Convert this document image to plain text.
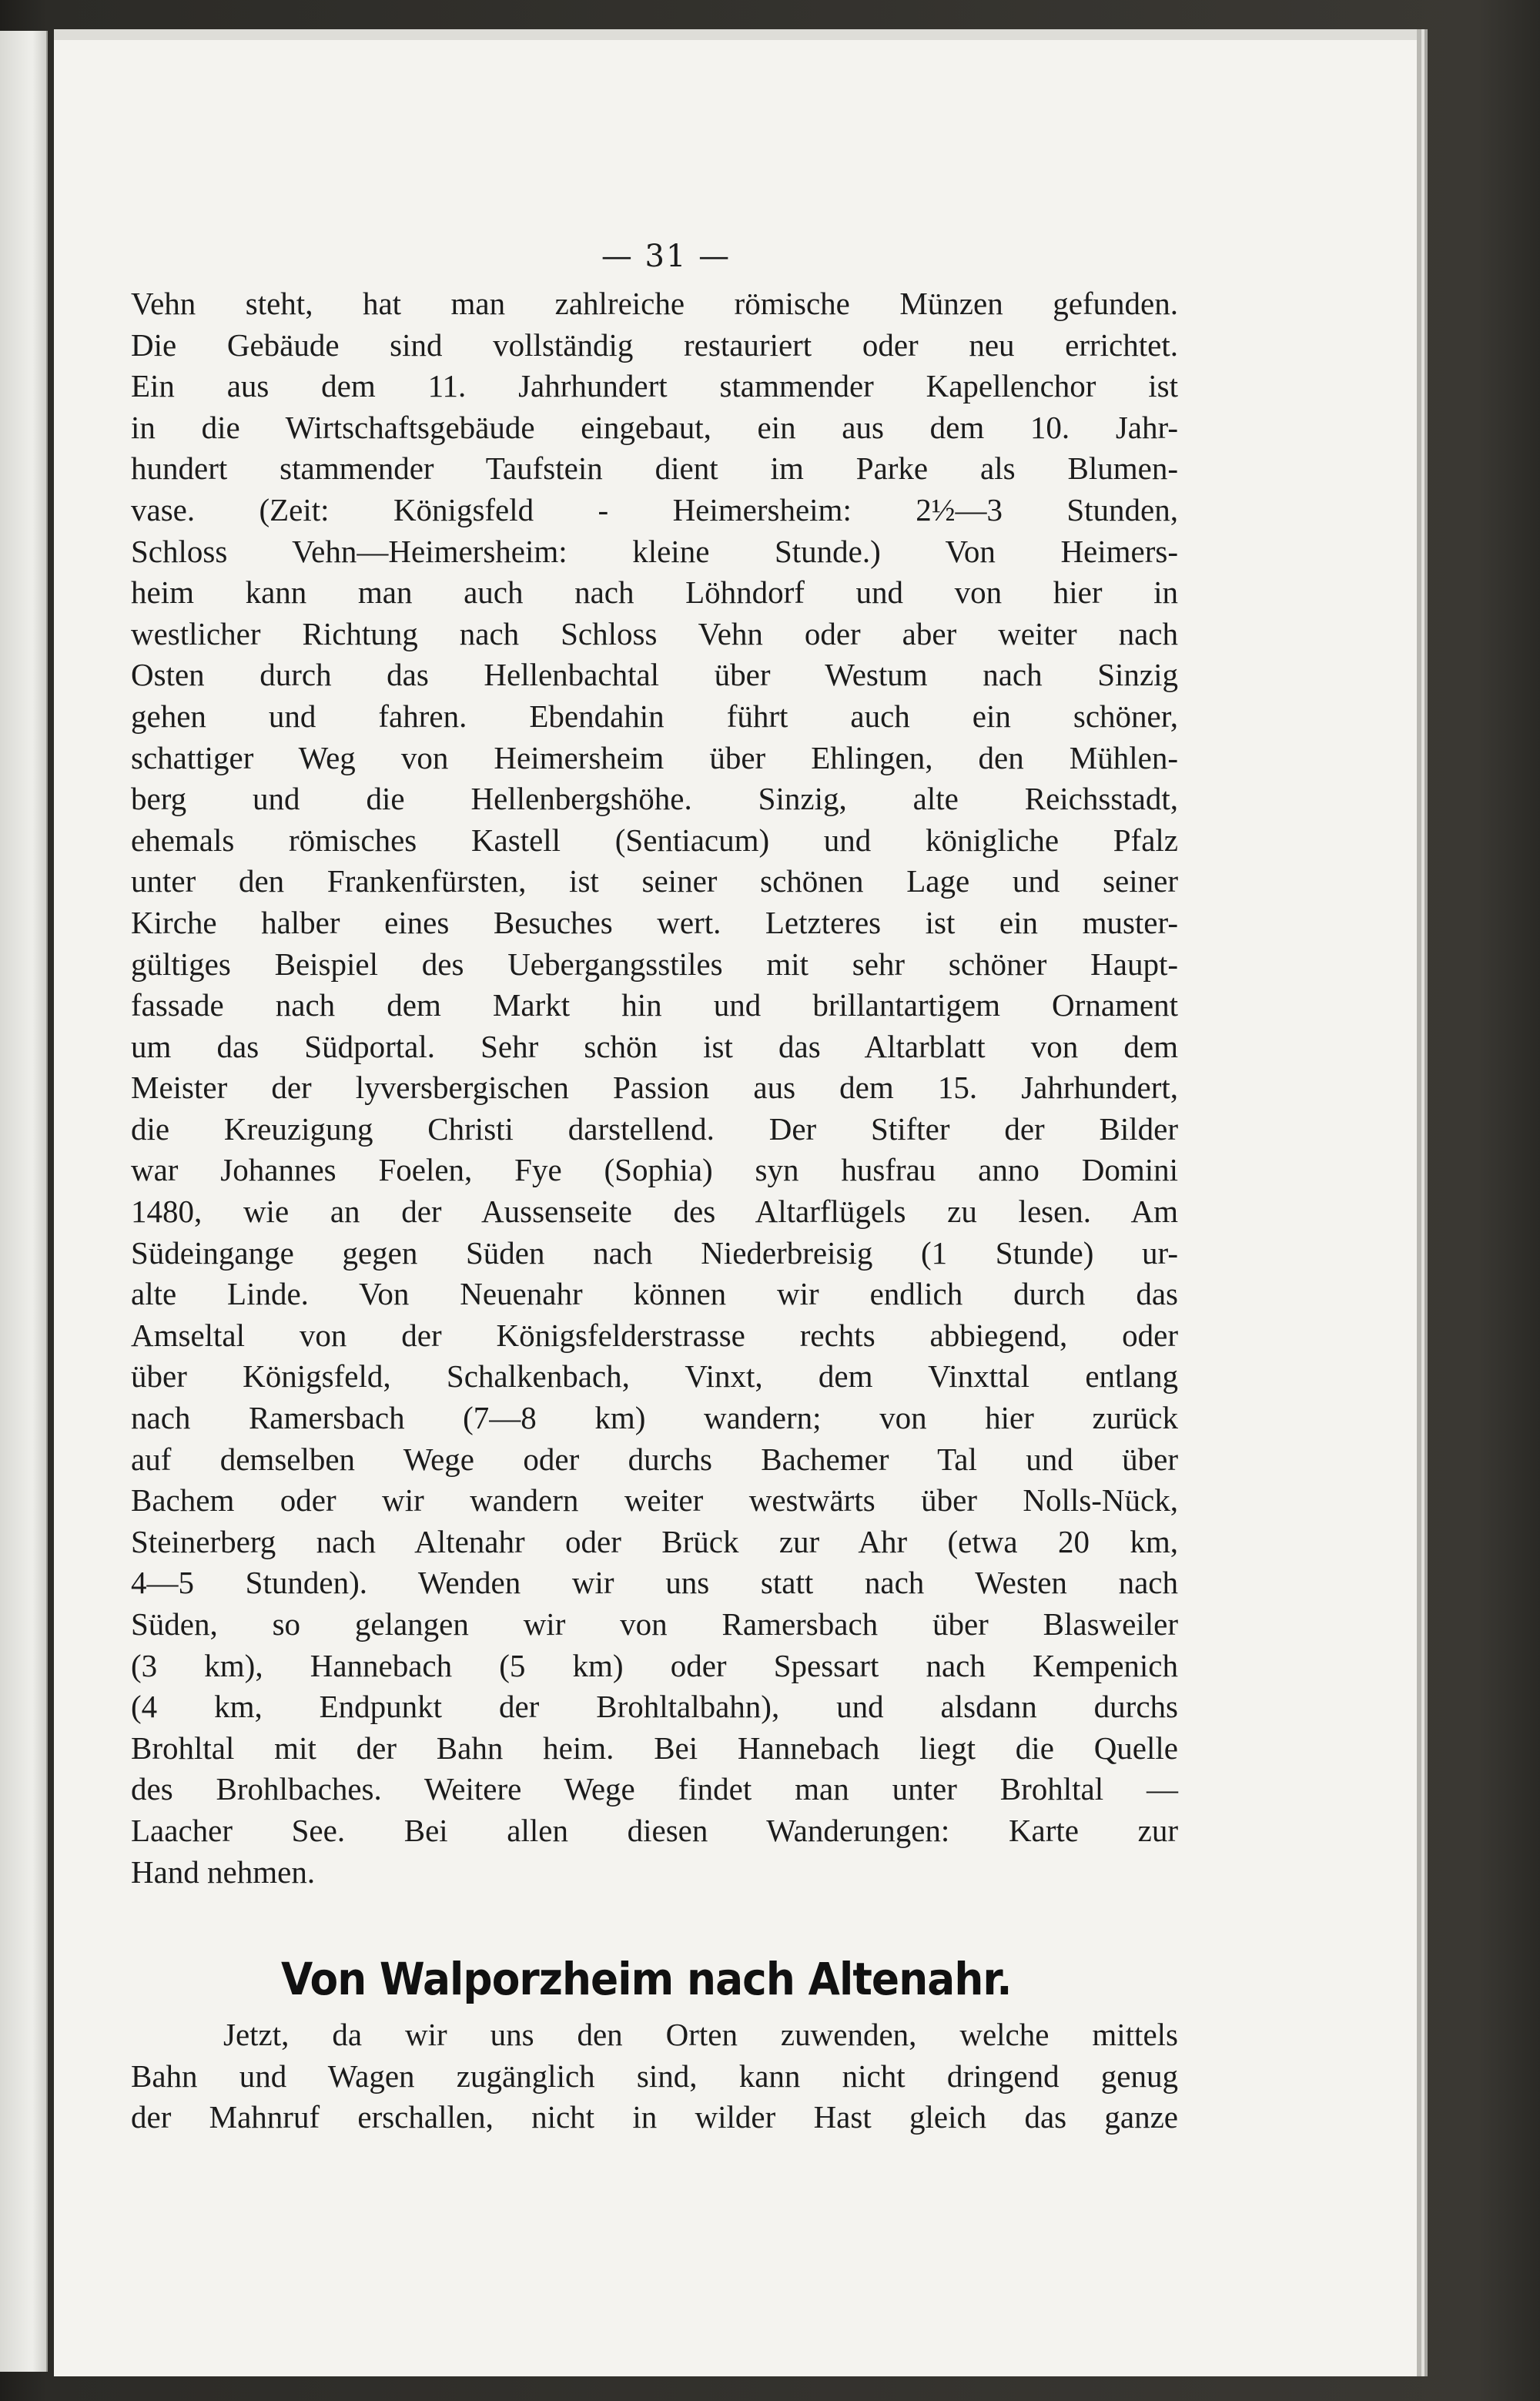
— 31 —
Vehn steht, hat man zahlreiche römische Münzen gefunden.
Die Gebäude sind vollständig restauriert oder neu errichtet.
Ein aus dem 11. Jahrhundert stammender Kapellenchor ist
in die Wirtschaftsgebäude eingebaut, ein aus dem 10. Jahr-
hundert stammender Taufstein dient im Parke als Blumen-
vase. (Zeit: Königsfeld - Heimersheim: 2½—3 Stunden,
Schloss Vehn—Heimersheim: kleine Stunde.) Von Heimers-
heim kann man auch nach Löhndorf und von hier in
westlicher Richtung nach Schloss Vehn oder aber weiter nach
Osten durch das Hellenbachtal über Westum nach Sinzig
gehen und fahren. Ebendahin führt auch ein schöner,
schattiger Weg von Heimersheim über Ehlingen, den Mühlen-
berg und die Hellenbergshöhe. Sinzig, alte Reichsstadt,
ehemals römisches Kastell (Sentiacum) und königliche Pfalz
unter den Frankenfürsten, ist seiner schönen Lage und seiner
Kirche halber eines Besuches wert. Letzteres ist ein muster-
gültiges Beispiel des Uebergangsstiles mit sehr schöner Haupt-
fassade nach dem Markt hin und brillantartigem Ornament
um das Südportal. Sehr schön ist das Altarblatt von dem
Meister der lyversbergischen Passion aus dem 15. Jahrhundert,
die Kreuzigung Christi darstellend. Der Stifter der Bilder
war Johannes Foelen, Fye (Sophia) syn husfrau anno Domini
1480, wie an der Aussenseite des Altarflügels zu lesen. Am
Südeingange gegen Süden nach Niederbreisig (1 Stunde) ur-
alte Linde. Von Neuenahr können wir endlich durch das
Amseltal von der Königsfelderstrasse rechts abbiegend, oder
über Königsfeld, Schalkenbach, Vinxt, dem Vinxttal entlang
nach Ramersbach (7—8 km) wandern; von hier zurück
auf demselben Wege oder durchs Bachemer Tal und über
Bachem oder wir wandern weiter westwärts über Nolls-Nück,
Steinerberg nach Altenahr oder Brück zur Ahr (etwa 20 km,
4—5 Stunden). Wenden wir uns statt nach Westen nach
Süden, so gelangen wir von Ramersbach über Blasweiler
(3 km), Hannebach (5 km) oder Spessart nach Kempenich
(4 km, Endpunkt der Brohltalbahn), und alsdann durchs
Brohltal mit der Bahn heim. Bei Hannebach liegt die Quelle
des Brohlbaches. Weitere Wege findet man unter Brohltal —
Laacher See. Bei allen diesen Wanderungen: Karte zur
Hand nehmen.
Von Walporzheim nach Altenahr.
Jetzt, da wir uns den Orten zuwenden, welche mittels
Bahn und Wagen zugänglich sind, kann nicht dringend genug
der Mahnruf erschallen, nicht in wilder Hast gleich das ganze
